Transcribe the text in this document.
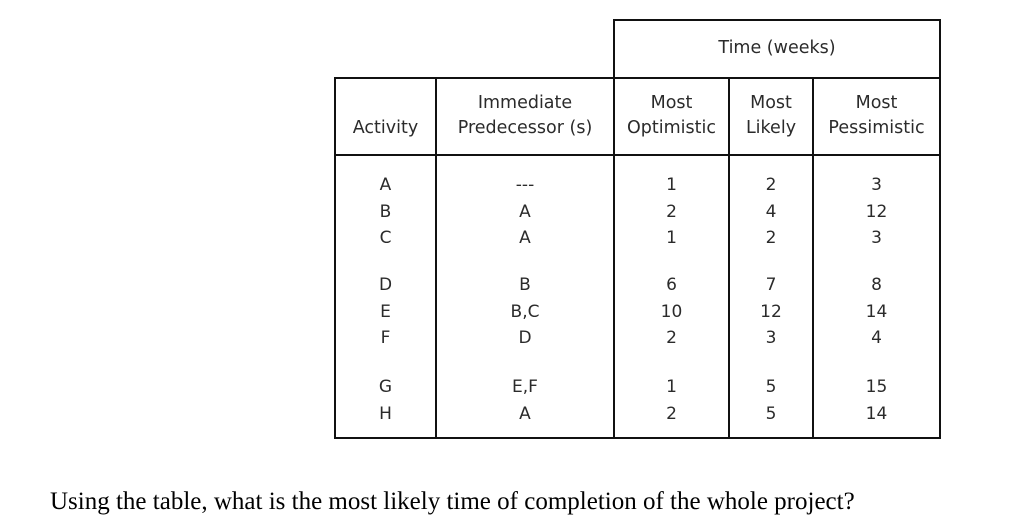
Time (weeks)
Activity
Immediate
Predecessor (s)
Most
Optimistic
Most
Likely
Most
Pessimistic
A
B
C
---
A
A
1
2
1
2
4
2
3
12
3
D
E
F
B
B,C
D
6
10
2
7
12
3
8
14
4
G
H
E,F
A
1
2
5
5
15
14
Using the table, what is the most likely time of completion of the whole project?
